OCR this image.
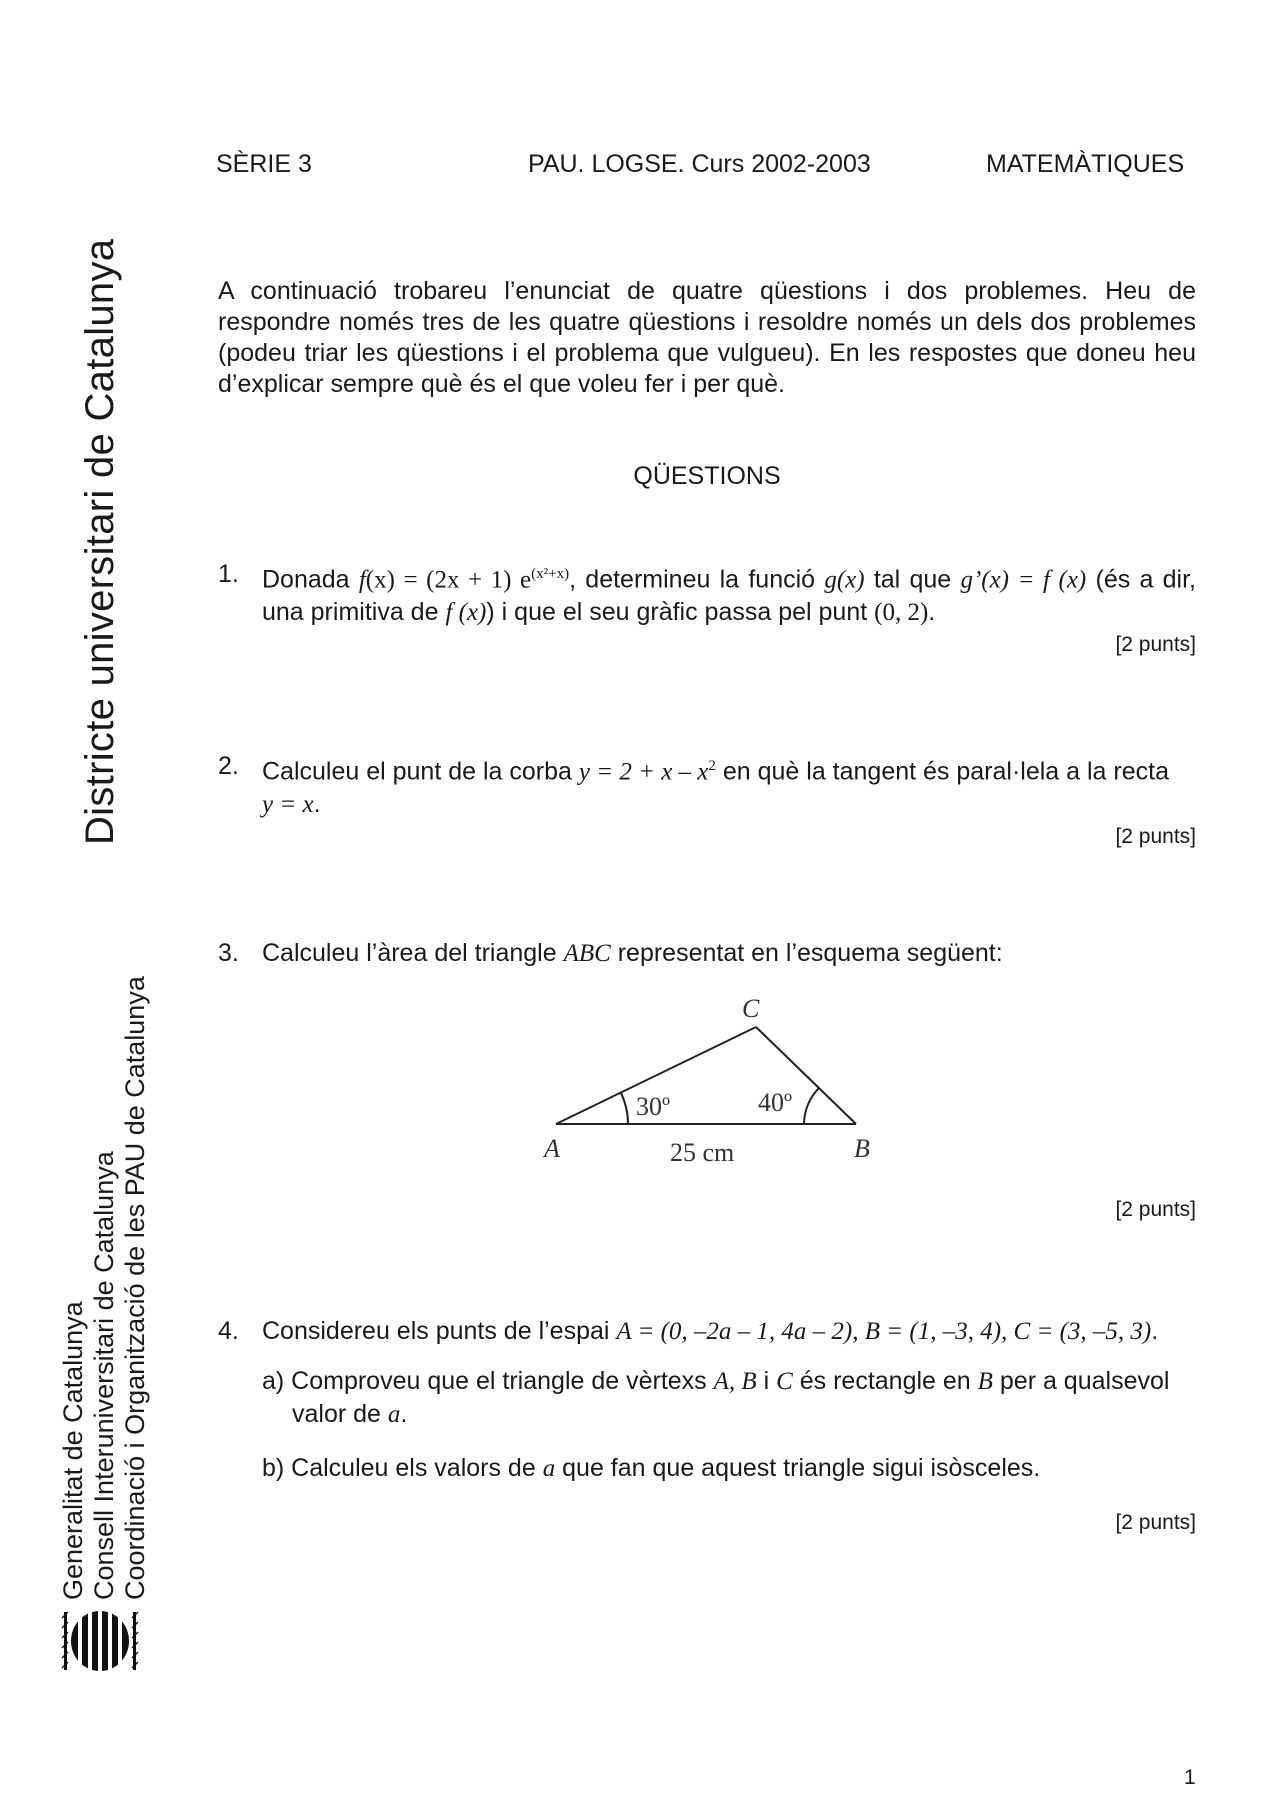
SÈRIE 3	PAU. LOGSE. Curs 2002-2003	MATEMÀTIQUES
Districte universitari de Catalunya
Generalitat de Catalunya Consell Interuniversitari de Catalunya Coordinació i Organització de les PAU de Catalunya
A continuació trobareu l’enunciat de quatre qüestions i dos problemes. Heu de respondre només tres de les quatre qüestions i resoldre només un dels dos problemes (podeu triar les qüestions i el problema que vulgueu). En les respostes que doneu heu d’explicar sempre què és el que voleu fer i per què.
QÜESTIONS
1. Donada f(x) = (2x + 1) $e^{(x^2+x)}$, determineu la funció g(x) tal que g’(x) = f (x) (és a dir, una primitiva de f (x)) i que el seu gràfic passa pel punt (0, 2).
[2 punts]
2. Calculeu el punt de la corba $y = 2 + x - x^2$ en què la tangent és paral·lela a la recta
y = x.
[2 punts]
3. Calculeu l’àrea del triangle ABC representat en l’esquema següent:
C
A	B
30º	40º
25 cm
[2 punts]
4. Considereu els punts de l’espai A = (0, –2a – 1, 4a – 2), B = (1, –3, 4), C = (3, –5, 3).
a) Comproveu que el triangle de vèrtexs A, B i C és rectangle en B per a qualsevol valor de a.
b) Calculeu els valors de a que fan que aquest triangle sigui isòsceles.
[2 punts]
1
